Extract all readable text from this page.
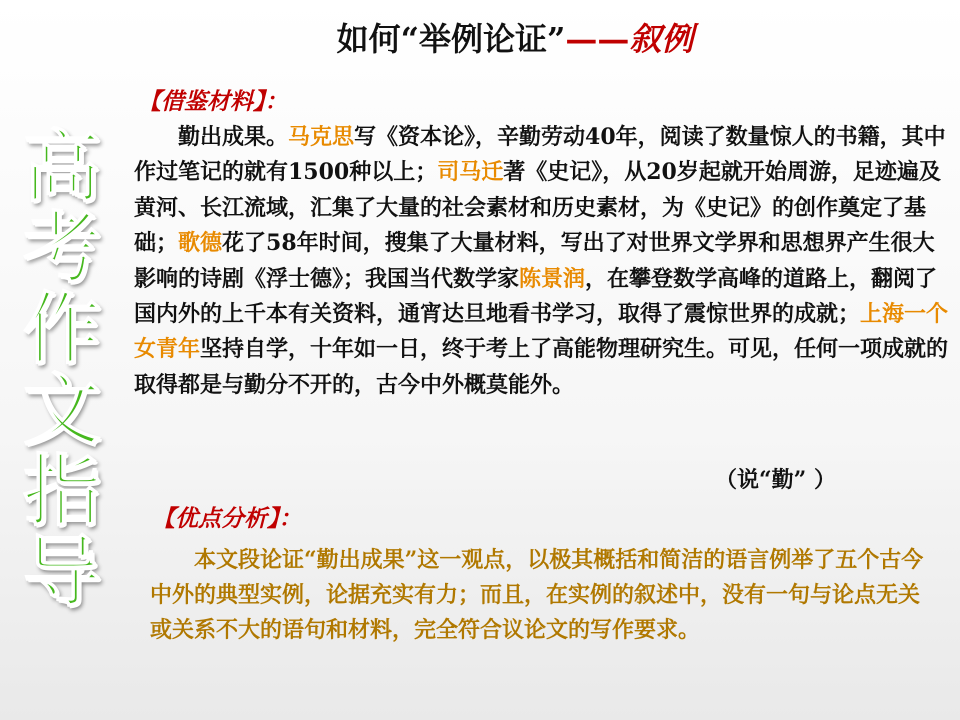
如何“举例论证”——叙例
高
考
作
文
指
导
【借鉴材料】：

勤出成果。马克思写《资本论》，辛勤劳动40年，阅读了数量惊人的书籍，其中作过笔记的就有1500种以上；司马迁著《史记》，从20岁起就开始周游，足迹遍及黄河、长江流域，汇集了大量的社会素材和历史素材，为《史记》的创作奠定了基础；歌德花了58年时间，搜集了大量材料，写出了对世界文学界和思想界产生很大影响的诗剧《浮士德》；我国当代数学家陈景润，在攀登数学高峰的道路上，翻阅了国内外的上千本有关资料，通宵达旦地看书学习，取得了震惊世界的成就；上海一个女青年坚持自学，十年如一日，终于考上了高能物理研究生。可见，任何一项成就的取得都是与勤分不开的，古今中外概莫能外。

（说“勤” ）
【优点分析】：

本文段论证“勤出成果”这一观点，以极其概括和简洁的语言例举了五个古今中外的典型实例，论据充实有力；而且，在实例的叙述中，没有一句与论点无关或关系不大的语句和材料，完全符合议论文的写作要求。
